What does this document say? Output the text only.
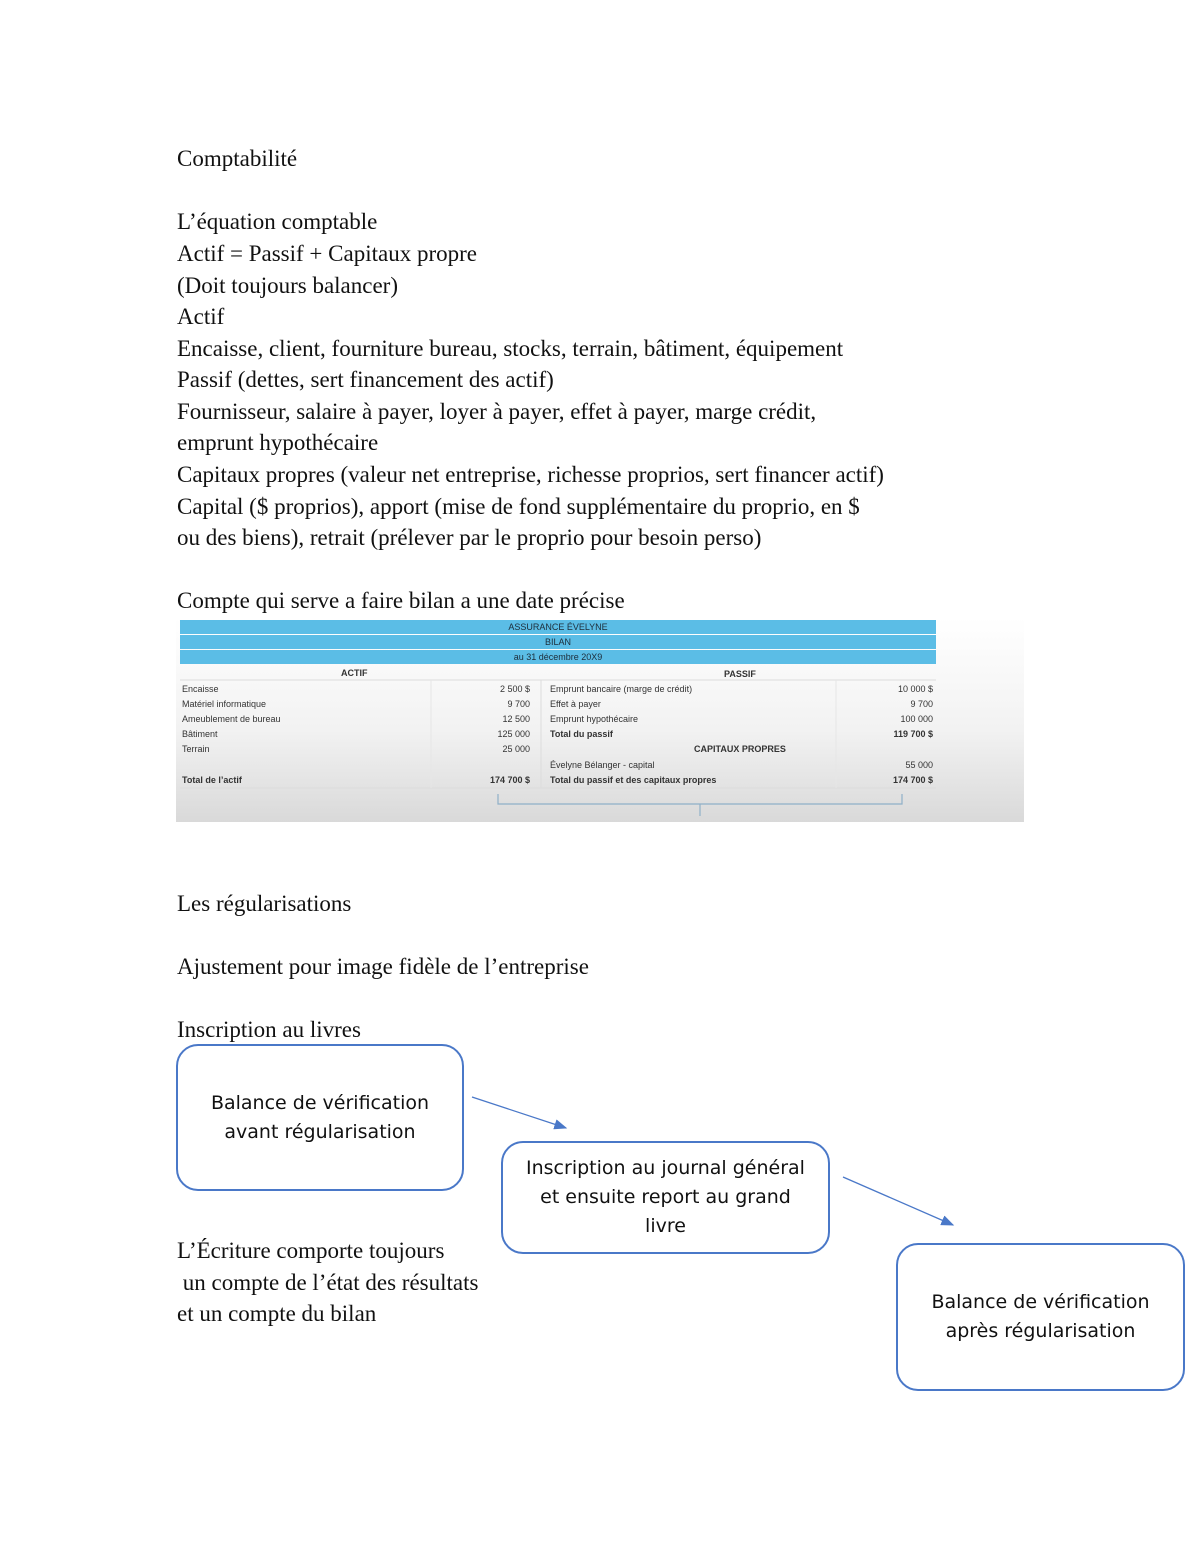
Comptabilité
L’équation comptable
Actif = Passif + Capitaux propre
(Doit toujours balancer)
Actif
Encaisse, client, fourniture bureau, stocks, terrain, bâtiment, équipement
Passif (dettes, sert financement des actif)
Fournisseur, salaire à payer, loyer à payer, effet à payer, marge crédit,
emprunt hypothécaire
Capitaux propres (valeur net entreprise, richesse proprios, sert financer actif)
Capital ($ proprios), apport (mise de fond supplémentaire du proprio, en $
ou des biens), retrait (prélever par le proprio pour besoin perso)
Compte qui serve a faire bilan a une date précise
ASSURANCE ÉVELYNE
BILAN
au 31 décembre 20X9
ACTIF	PASSIF
Encaisse	2 500 $
Matériel informatique	9 700
Ameublement de bureau	12 500
Bâtiment	125 000
Terrain	25 000
Total de l’actif	174 700 $
Emprunt bancaire (marge de crédit)	10 000 $
Effet à payer	9 700
Emprunt hypothécaire	100 000
Total du passif	119 700 $
CAPITAUX PROPRES
Évelyne Bélanger - capital	55 000
Total du passif et des capitaux propres	174 700 $
Les régularisations
Ajustement pour image fidèle de l’entreprise
Inscription au livres
Balance de vérification
avant régularisation
Inscription au journal général
et ensuite report au grand
livre
Balance de vérification
après régularisation
L’Écriture comporte toujours
un compte de l’état des résultats
et un compte du bilan
